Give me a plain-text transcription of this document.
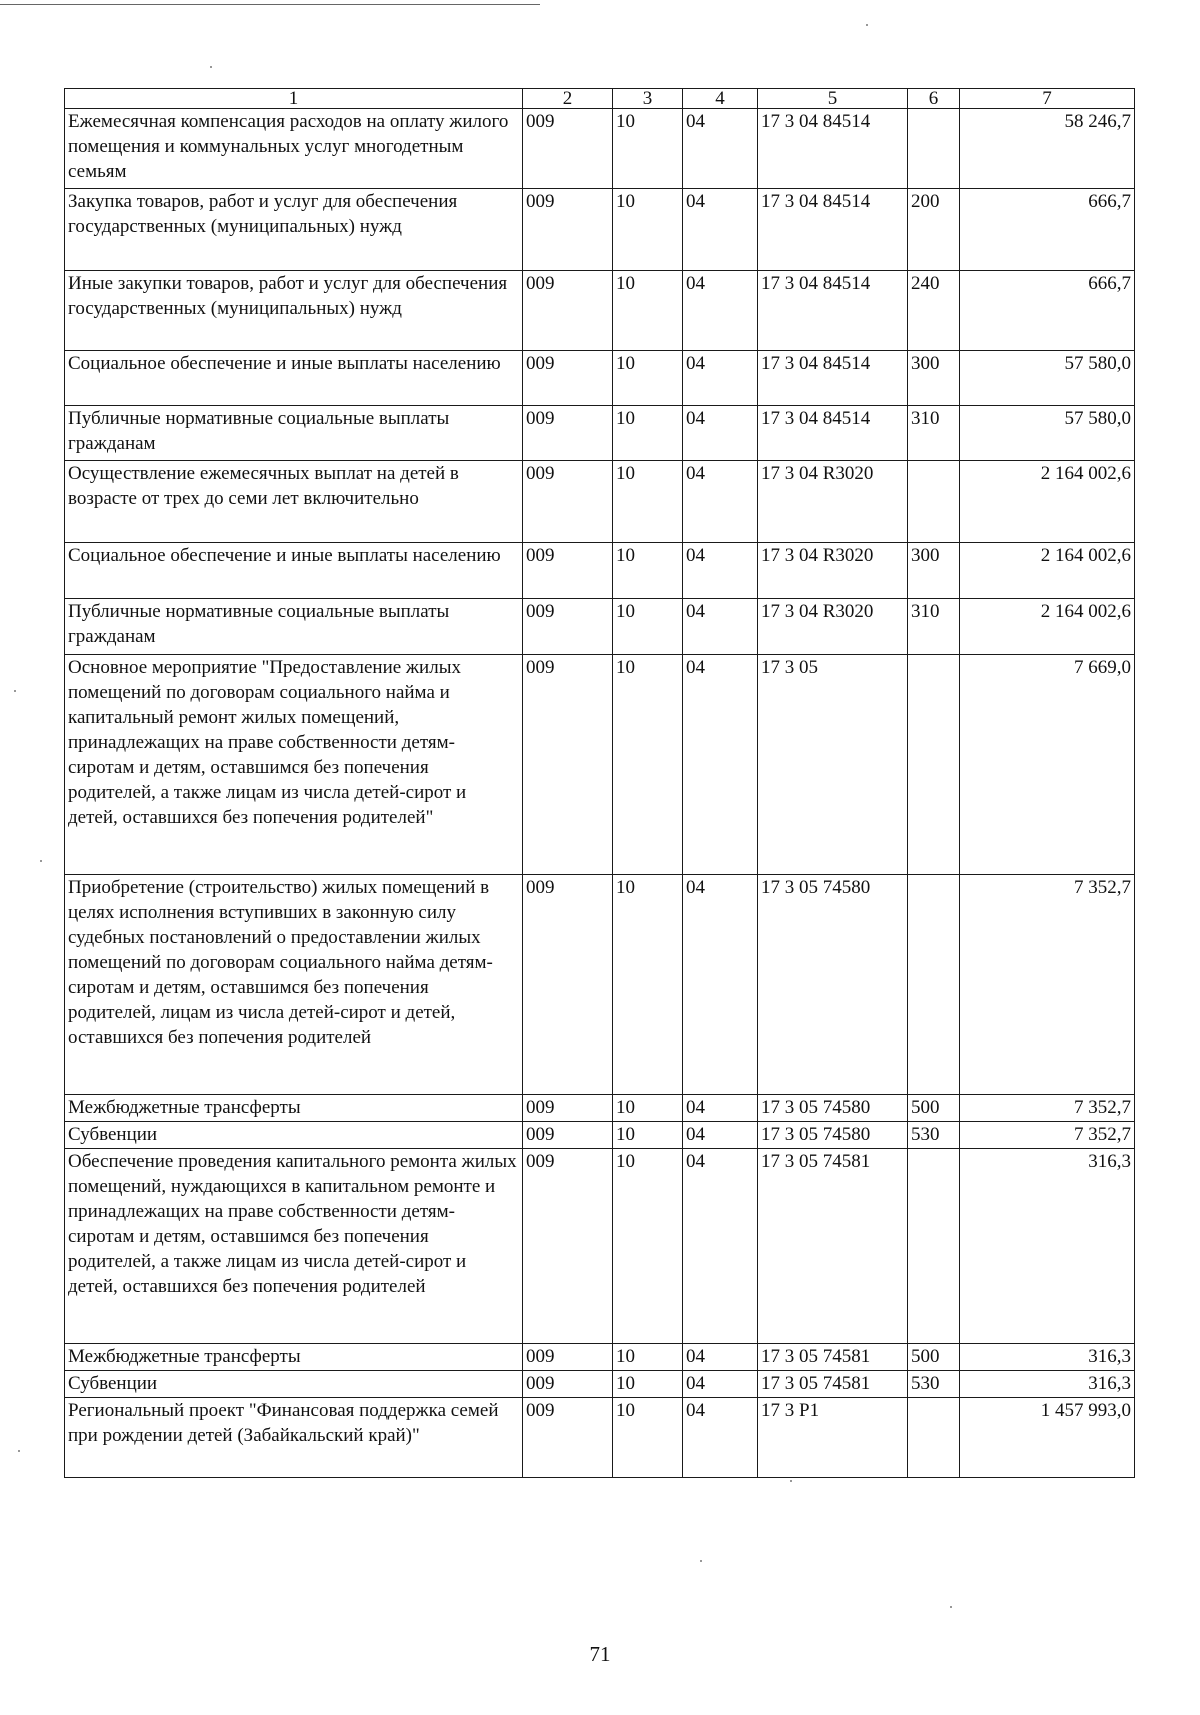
1	2	3	4	5	6	7
Ежемесячная компенсация расходов на оплату жилого помещения и коммунальных услуг многодетным семьям	009	10	04	17 3 04 84514		58 246,7
Закупка товаров, работ и услуг для обеспечения государственных (муниципальных) нужд	009	10	04	17 3 04 84514	200	666,7
Иные закупки товаров, работ и услуг для обеспечения государственных (муниципальных) нужд	009	10	04	17 3 04 84514	240	666,7
Социальное обеспечение и иные выплаты населению	009	10	04	17 3 04 84514	300	57 580,0
Публичные нормативные социальные выплаты гражданам	009	10	04	17 3 04 84514	310	57 580,0
Осуществление ежемесячных выплат на детей в возрасте от трех до семи лет включительно	009	10	04	17 3 04 R3020		2 164 002,6
Социальное обеспечение и иные выплаты населению	009	10	04	17 3 04 R3020	300	2 164 002,6
Публичные нормативные социальные выплаты гражданам	009	10	04	17 3 04 R3020	310	2 164 002,6
Основное мероприятие "Предоставление жилых помещений по договорам социального найма и капитальный ремонт жилых помещений, принадлежащих на праве собственности детям-сиротам и детям, оставшимся без попечения родителей, а также лицам из числа детей-сирот и детей, оставшихся без попечения родителей"	009	10	04	17 3 05		7 669,0
Приобретение (строительство) жилых помещений в целях исполнения вступивших в законную силу судебных постановлений о предоставлении жилых помещений по договорам социального найма детям-сиротам и детям, оставшимся без попечения родителей, лицам из числа детей-сирот и детей, оставшихся без попечения родителей	009	10	04	17 3 05 74580		7 352,7
Межбюджетные трансферты	009	10	04	17 3 05 74580	500	7 352,7
Субвенции	009	10	04	17 3 05 74580	530	7 352,7
Обеспечение проведения капитального ремонта жилых помещений, нуждающихся в капитальном ремонте и принадлежащих на праве собственности детям-сиротам и детям, оставшимся без попечения родителей, а также лицам из числа детей-сирот и детей, оставшихся без попечения родителей	009	10	04	17 3 05 74581		316,3
Межбюджетные трансферты	009	10	04	17 3 05 74581	500	316,3
Субвенции	009	10	04	17 3 05 74581	530	316,3
Региональный проект "Финансовая поддержка семей при рождении детей (Забайкальский край)"	009	10	04	17 3 P1		1 457 993,0
71
